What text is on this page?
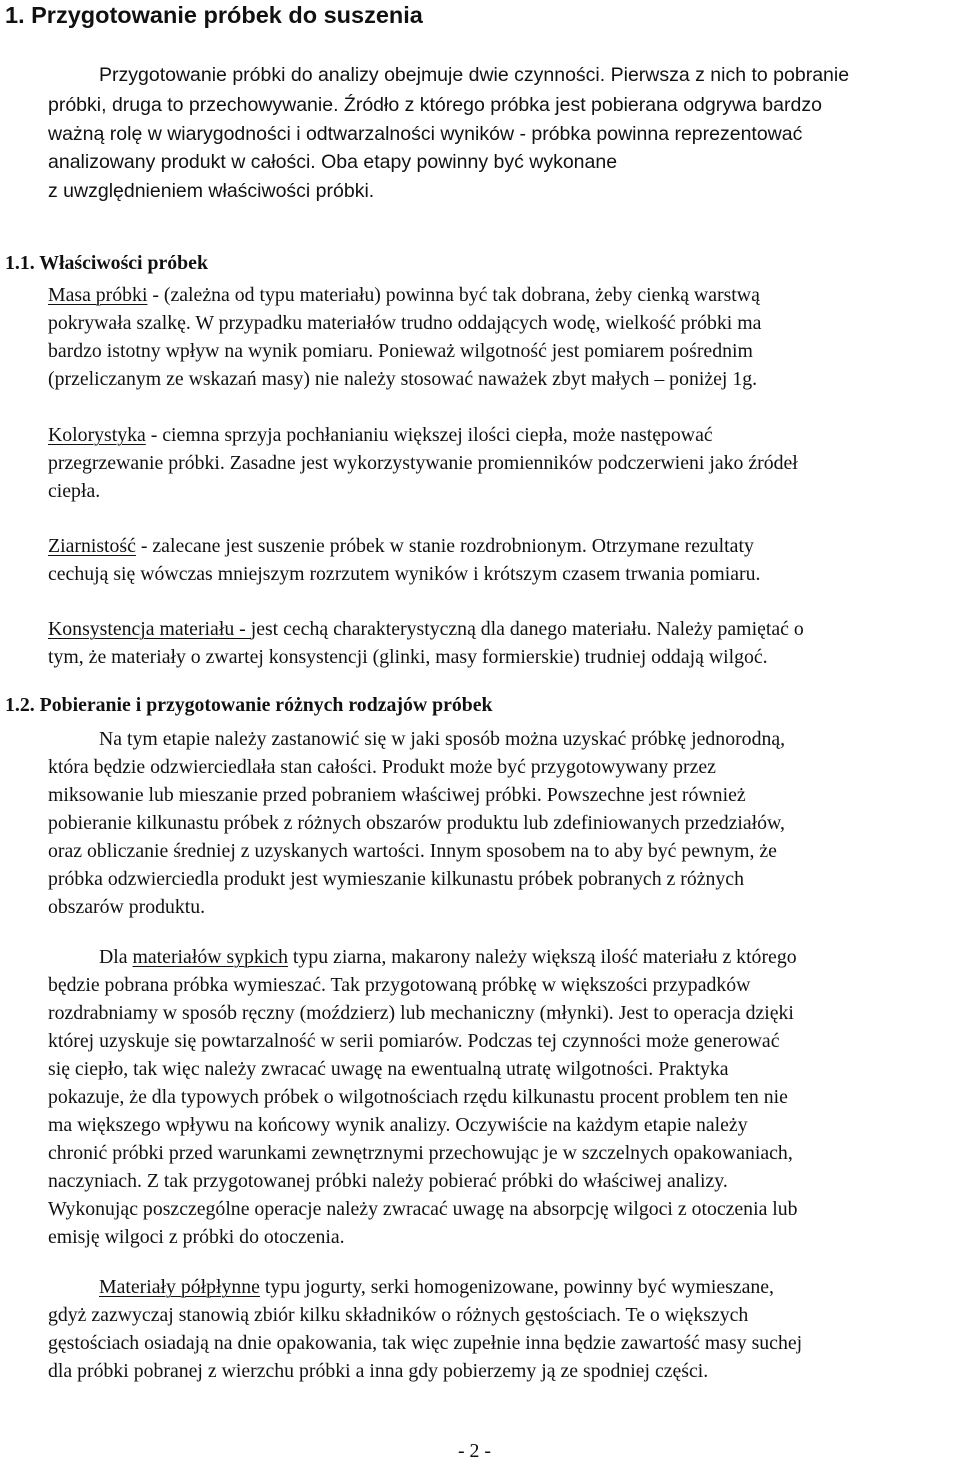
1. Przygotowanie próbek do suszenia
Przygotowanie próbki do analizy obejmuje dwie czynności. Pierwsza z nich to pobranie
próbki, druga to przechowywanie. Źródło z którego próbka jest pobierana odgrywa bardzo
ważną rolę w wiarygodności i odtwarzalności wyników - próbka powinna reprezentować
analizowany produkt w całości. Oba etapy powinny być wykonane
z uwzględnieniem właściwości próbki.
1.1. Właściwości próbek
Masa próbki - (zależna od typu materiału) powinna być tak dobrana, żeby cienką warstwą
pokrywała szalkę. W przypadku materiałów trudno oddających wodę, wielkość próbki ma
bardzo istotny wpływ na wynik pomiaru. Ponieważ wilgotność jest pomiarem pośrednim
(przeliczanym ze wskazań masy) nie należy stosować naważek zbyt małych – poniżej 1g.
Kolorystyka - ciemna sprzyja pochłanianiu większej ilości ciepła, może następować
przegrzewanie próbki. Zasadne jest wykorzystywanie promienników podczerwieni jako źródeł
ciepła.
Ziarnistość - zalecane jest suszenie próbek w stanie rozdrobnionym. Otrzymane rezultaty
cechują się wówczas mniejszym rozrzutem wyników i krótszym czasem trwania pomiaru.
Konsystencja materiału - jest cechą charakterystyczną dla danego materiału. Należy pamiętać o
tym, że materiały o zwartej konsystencji (glinki, masy formierskie) trudniej oddają wilgoć.
1.2. Pobieranie i przygotowanie różnych rodzajów próbek
Na tym etapie należy zastanowić się w jaki sposób można uzyskać próbkę jednorodną,
która będzie odzwierciedlała stan całości. Produkt może być przygotowywany przez
miksowanie lub mieszanie przed pobraniem właściwej próbki. Powszechne jest również
pobieranie kilkunastu próbek z różnych obszarów produktu lub zdefiniowanych przedziałów,
oraz obliczanie średniej z uzyskanych wartości. Innym sposobem na to aby być pewnym, że
próbka odzwierciedla produkt jest wymieszanie kilkunastu próbek pobranych z różnych
obszarów produktu.
Dla materiałów sypkich typu ziarna, makarony należy większą ilość materiału z którego
będzie pobrana próbka wymieszać. Tak przygotowaną próbkę w większości przypadków
rozdrabniamy w sposób ręczny (moździerz) lub mechaniczny (młynki). Jest to operacja dzięki
której uzyskuje się powtarzalność w serii pomiarów. Podczas tej czynności może generować
się ciepło, tak więc należy zwracać uwagę na ewentualną utratę wilgotności. Praktyka
pokazuje, że dla typowych próbek o wilgotnościach rzędu kilkunastu procent problem ten nie
ma większego wpływu na końcowy wynik analizy. Oczywiście na każdym etapie należy
chronić próbki przed warunkami zewnętrznymi przechowując je w szczelnych opakowaniach,
naczyniach. Z tak przygotowanej próbki należy pobierać próbki do właściwej analizy.
Wykonując poszczególne operacje należy zwracać uwagę na absorpcję wilgoci z otoczenia lub
emisję wilgoci z próbki do otoczenia.
Materiały półpłynne typu jogurty, serki homogenizowane, powinny być wymieszane,
gdyż zazwyczaj stanowią zbiór kilku składników o różnych gęstościach. Te o większych
gęstościach osiadają na dnie opakowania, tak więc zupełnie inna będzie zawartość masy suchej
dla próbki pobranej z wierzchu próbki a inna gdy pobierzemy ją ze spodniej części.
- 2 -
